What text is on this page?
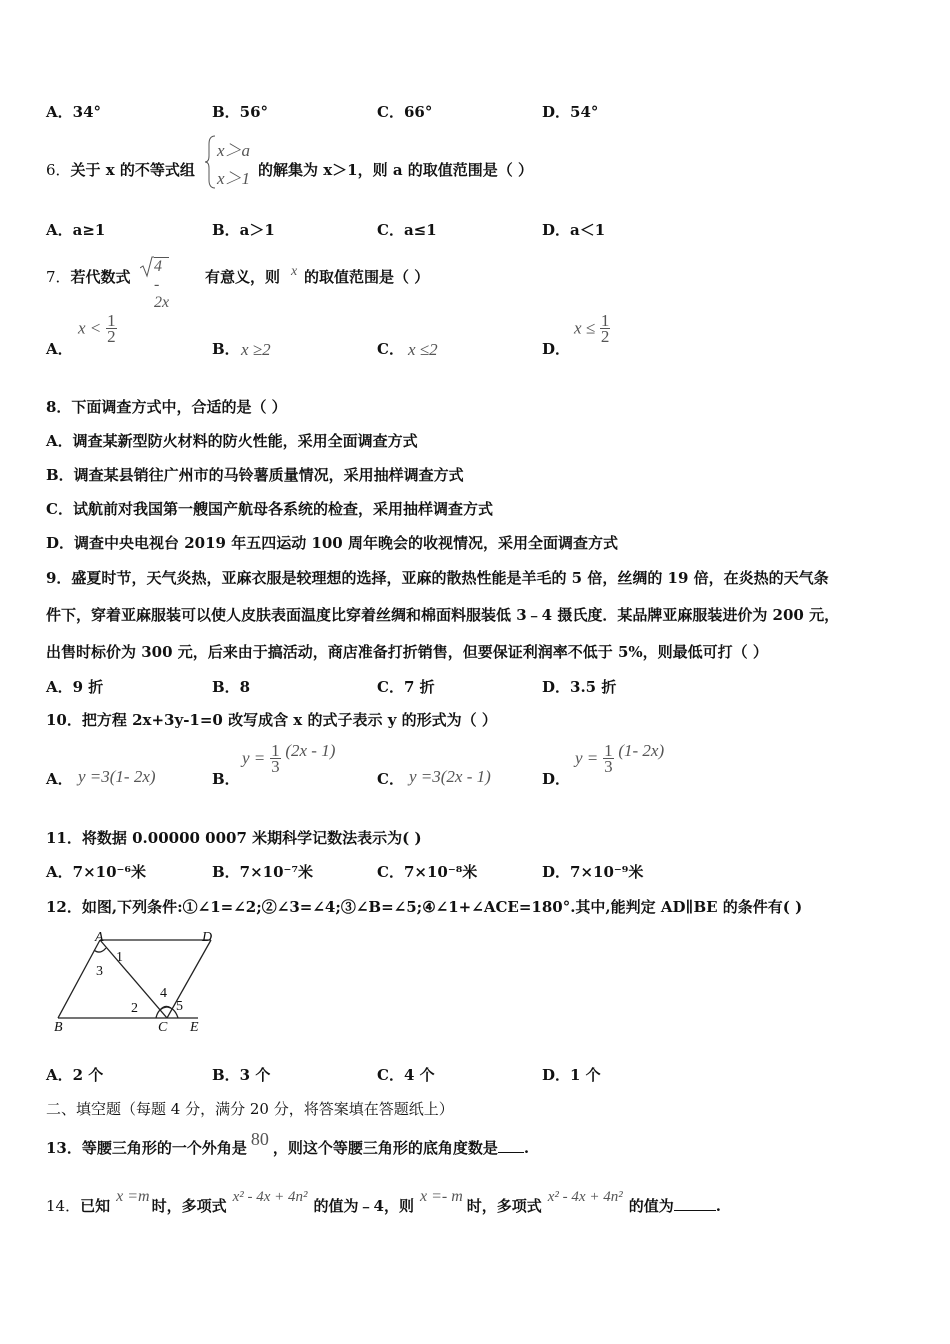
A．34°	B．56°	C．66°	D．54°
6．关于 x 的不等式组
x＞a
x＞1 的解集为 x＞1，则 a 的取值范围是（ ）
A．a≥1	B．a＞1	C．a≤1	D．a＜1
7．若代数式
4 - 2x
有意义，则 x 的取值范围是（ ）
A．
$x < \frac{1}{2}$
B． x ≥2	C． x ≤2	D．
$x \le \frac{1}{2}$
8．下面调查方式中，合适的是（ ）
A．调查某新型防火材料的防火性能，采用全面调查方式
B．调查某县销往广州市的马铃薯质量情况，采用抽样调查方式
C．试航前对我国第一艘国产航母各系统的检查，采用抽样调查方式
D．调查中央电视台 2019 年五四运动 100 周年晚会的收视情况，采用全面调查方式
9．盛夏时节，天气炎热，亚麻衣服是较理想的选择，亚麻的散热性能是羊毛的 5 倍，丝绸的 19 倍，在炎热的天气条
件下，穿着亚麻服装可以使人皮肤表面温度比穿着丝绸和棉面料服装低 3﹣4 摄氏度．某品牌亚麻服装进价为 200 元，
出售时标价为 300 元，后来由于搞活动，商店准备打折销售，但要保证利润率不低于 5%，则最低可打（ ）
A．9 折	B．8	C．7 折	D．3.5 折
10．把方程 2x+3y-1=0 改写成含 x 的式子表示 y 的形式为（ ）
A． y =3(1- 2x)	B．
$y = \frac{1}{3} (2x - 1)$
C． y =3(2x - 1)	D．
$y = \frac{1}{3} (1-$ 2x)
11．将数据 0.00000 0007 米期科学记数法表示为( )
A．7×10⁻⁶米	B．7×10⁻⁷米	C．7×10⁻⁸米	D．7×10⁻⁹米
12．如图,下列条件:①∠1=∠2;②∠3=∠4;③∠B=∠5;④∠1+∠ACE=180°.其中,能判定 AD∥BE 的条件有( )
A	D
B	C E
1
2
3
4
5
A．2 个	B．3 个	C．4 个	D．1 个
二、填空题（每题 4 分，满分 20 分，将答案填在答题纸上）
13．等腰三角形的一个外角是 80 ，则这个等腰三角形的底角度数是 .
14．已知x =m时，多项式 x² - 4x + 4n² 的值为﹣4，则x =- m时，多项式 x² - 4x + 4n² 的值为	.
